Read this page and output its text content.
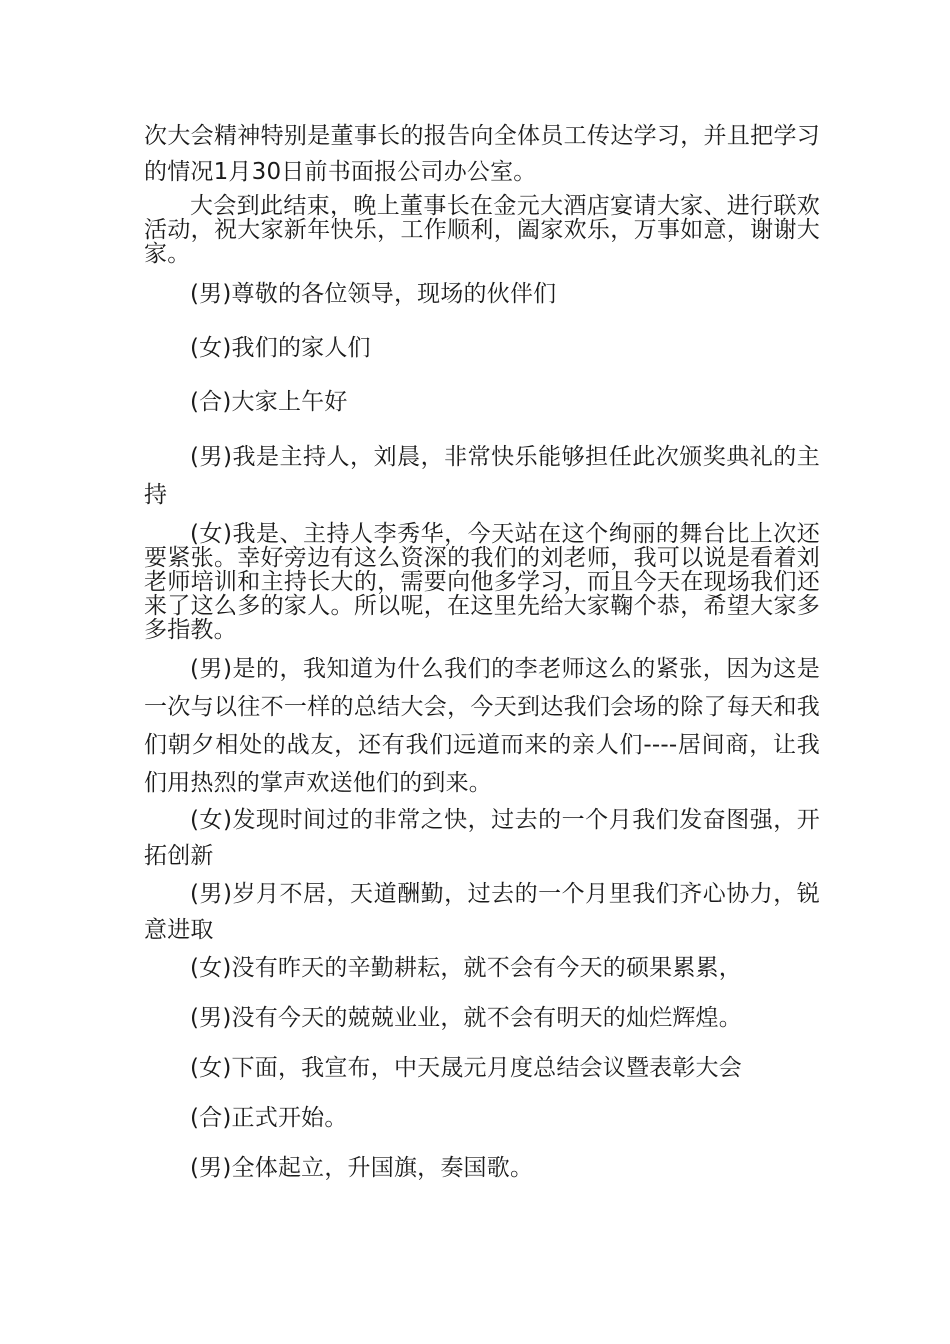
次大会精神特别是董事长的报告向全体员工传达学习，并且把学习的情况1月30日前书面报公司办公室。

大会到此结束，晚上董事长在金元大酒店宴请大家、进行联欢活动，祝大家新年快乐，工作顺利，阖家欢乐，万事如意，谢谢大家。

(男)尊敬的各位领导，现场的伙伴们

(女)我们的家人们

(合)大家上午好

(男)我是主持人，刘晨，非常快乐能够担任此次颁奖典礼的主持

(女)我是、主持人李秀华，今天站在这个绚丽的舞台比上次还要紧张。幸好旁边有这么资深的我们的刘老师，我可以说是看着刘老师培训和主持长大的，需要向他多学习，而且今天在现场我们还来了这么多的家人。所以呢，在这里先给大家鞠个恭，希望大家多多指教。

(男)是的，我知道为什么我们的李老师这么的紧张，因为这是一次与以往不一样的总结大会，今天到达我们会场的除了每天和我们朝夕相处的战友，还有我们远道而来的亲人们----居间商，让我们用热烈的掌声欢送他们的到来。

(女)发现时间过的非常之快，过去的一个月我们发奋图强，开拓创新

(男)岁月不居，天道酬勤，过去的一个月里我们齐心协力，锐意进取

(女)没有昨天的辛勤耕耘，就不会有今天的硕果累累，

(男)没有今天的兢兢业业，就不会有明天的灿烂辉煌。

(女)下面，我宣布，中天晟元月度总结会议暨表彰大会

(合)正式开始。

(男)全体起立，升国旗，奏国歌。
